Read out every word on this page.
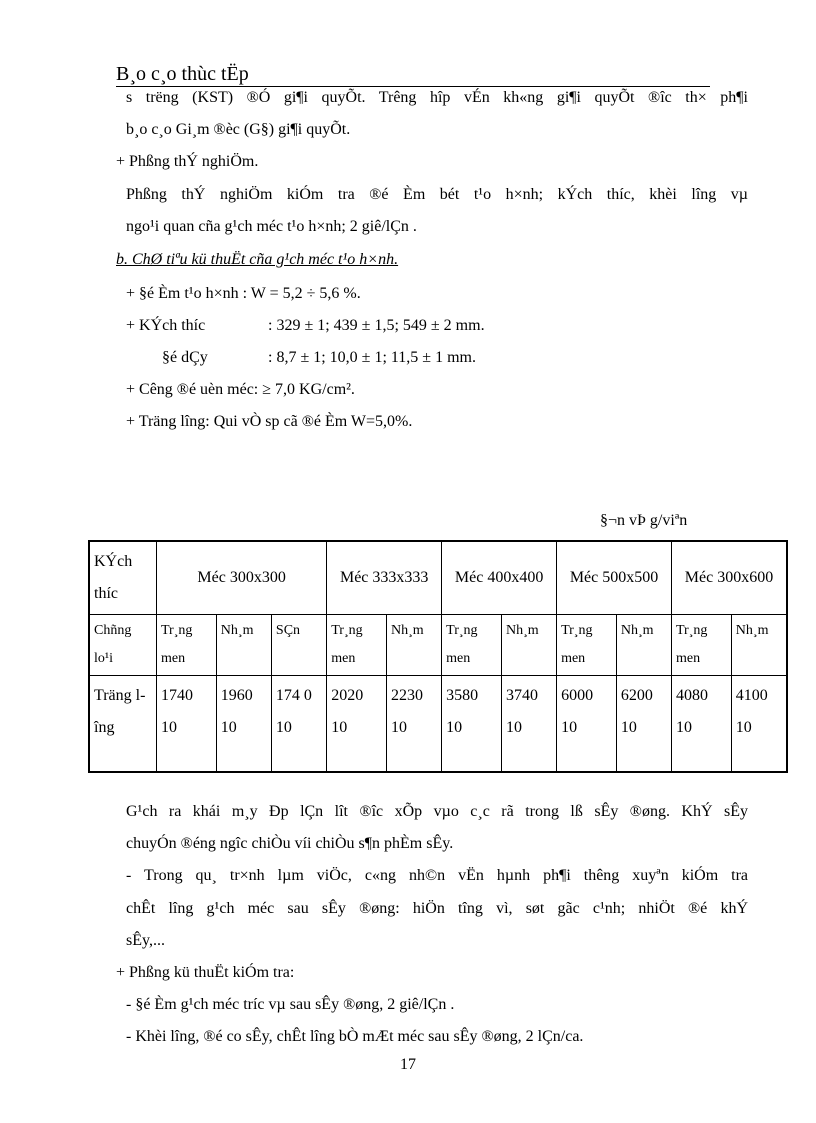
B¸o c¸o thùc tËp
s trëng (KST) ®Ó gi¶i quyÕt. Trêng hîp vÉn kh«ng gi¶i quyÕt ®îc th× ph¶i
b¸o c¸o Gi¸m ®èc (G§) gi¶i quyÕt.
+ Phßng thÝ nghiÖm.
Phßng thÝ nghiÖm kiÓm tra ®é Èm bét t¹o h×nh; kÝch thíc, khèi lîng vµ
ngo¹i quan cña g¹ch méc t¹o h×nh; 2 giê/lÇn .
b. ChØ tiªu kü thuËt cña g¹ch méc t¹o h×nh.
+ §é Èm t¹o h×nh : W = 5,2 ÷ 5,6 %.
+ KÝch thíc	: 329 ± 1; 439 ± 1,5; 549 ± 2 mm.
§é dÇy	: 8,7 ± 1; 10,0 ± 1; 11,5 ± 1 mm.
+ Cêng ®é uèn méc: ≥ 7,0 KG/cm².
+ Träng lîng: Qui vÒ sp cã ®é Èm W=5,0%.
§¬n vÞ g/viªn
KÝch thíc	Méc 300x300			Méc 333x333		Méc 400x400		Méc 500x500		Méc 300x600	
Chñng lo¹i	Tr¸ng men	Nh¸m	SÇn	Tr¸ng men	Nh¸m	Tr¸ng men	Nh¸m	Tr¸ng men	Nh¸m	Tr¸ng men	Nh¸m
Träng lîng	1740 10	1960 10	174 0 10	2020 10	2230 10	3580 10	3740 10	6000 10	6200 10	4080 10	4100 10
G¹ch ra khái m¸y Ðp lÇn lît ®îc xÕp vµo c¸c rã trong lß sÊy ®øng. KhÝ sÊy
chuyÓn ®éng ngîc chiÒu víi chiÒu s¶n phÈm sÊy.
- Trong qu¸ tr×nh lµm viÖc, c«ng nh©n vËn hµnh ph¶i thêng xuyªn kiÓm tra
chÊt lîng g¹ch méc sau sÊy ®øng: hiÖn tîng vì, søt gãc c¹nh; nhiÖt ®é khÝ
sÊy,...
+ Phßng kü thuËt kiÓm tra:
- §é Èm g¹ch méc tríc vµ sau sÊy ®øng, 2 giê/lÇn .
- Khèi lîng, ®é co sÊy, chÊt lîng bÒ mÆt méc sau sÊy ®øng, 2 lÇn/ca.
17
